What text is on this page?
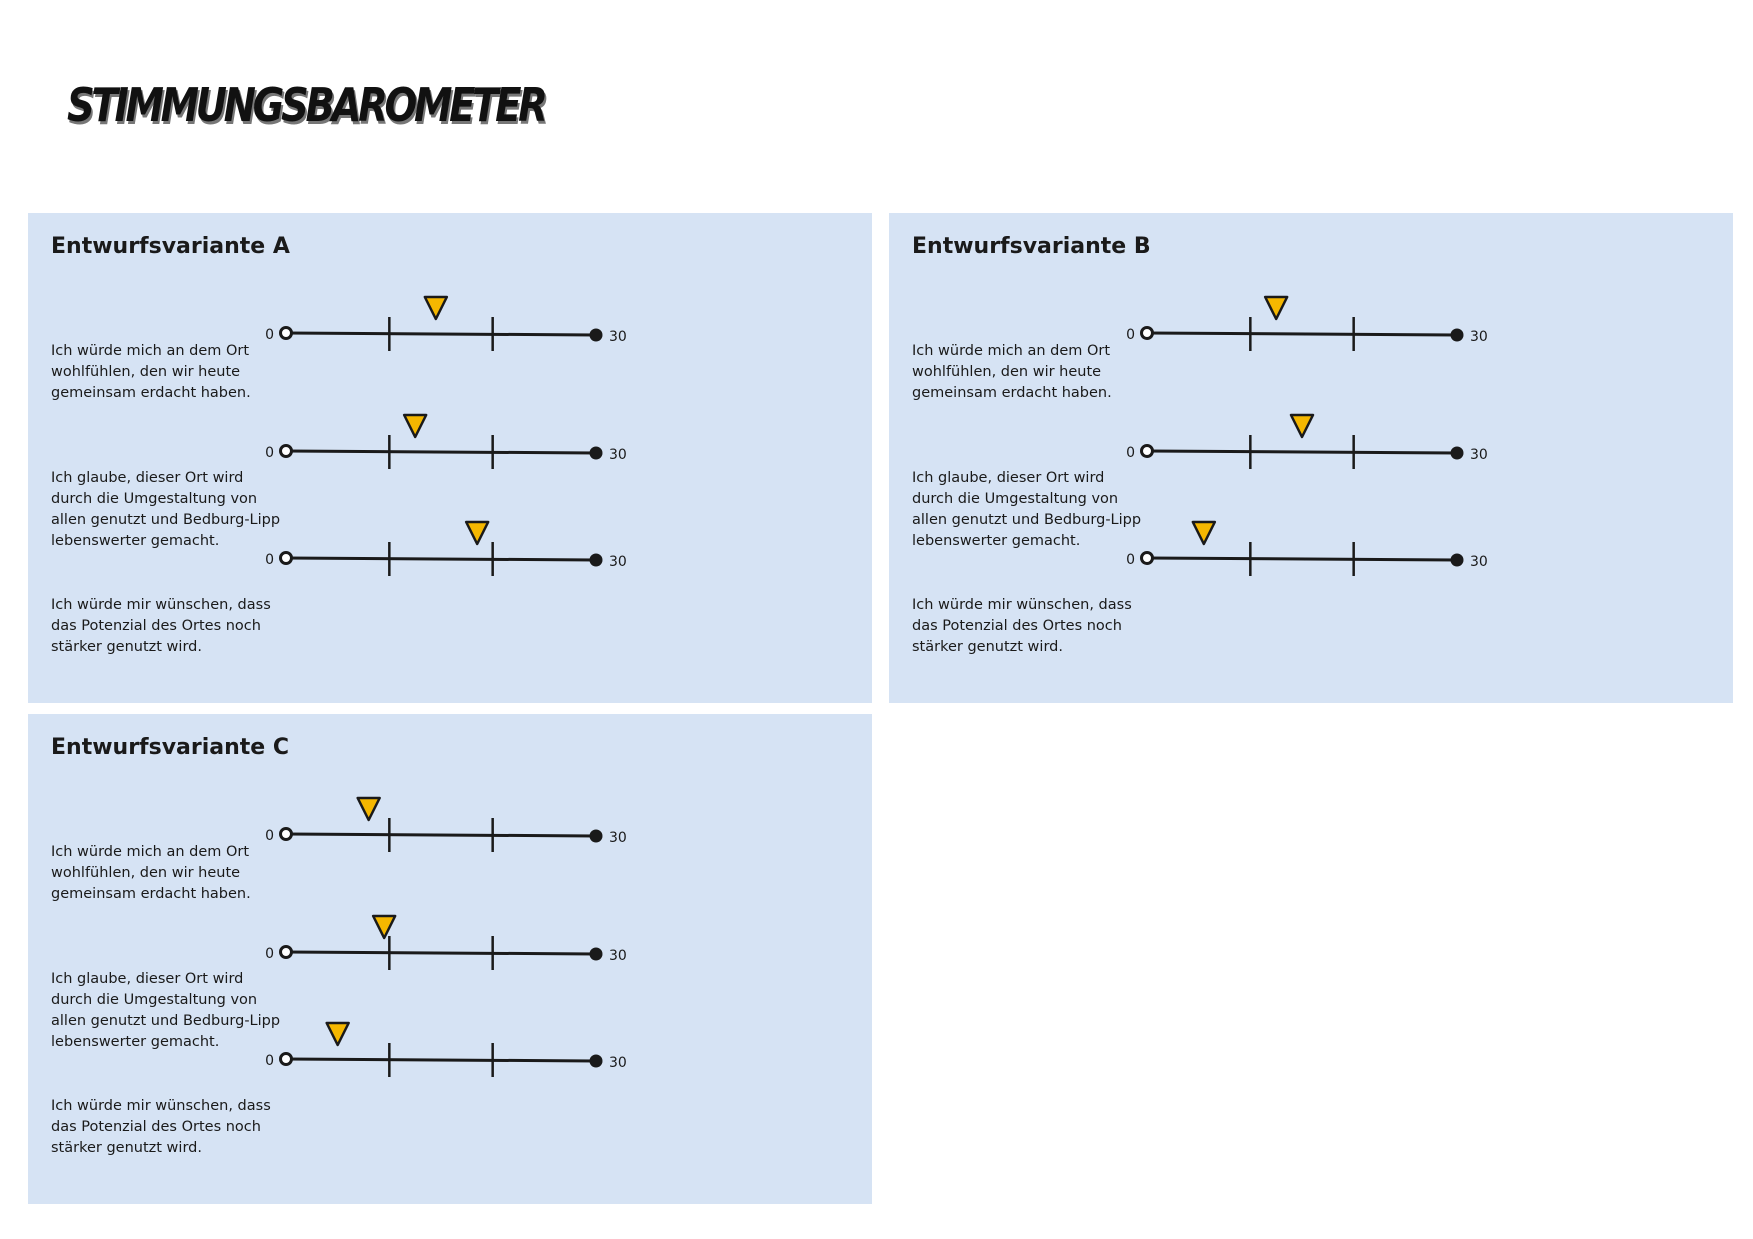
STIMMUNGSBAROMETER
Entwurfsvariante A
Ich würde mich an dem Ort wohlfühlen, den wir heute gemeinsam erdacht haben.
Ich glaube, dieser Ort wird durch die Umgestaltung von allen genutzt und Bedburg-Lipp lebenswerter gemacht.
Ich würde mir wünschen, dass das Potenzial des Ortes noch stärker genutzt wird.
0	30
0	30
0	30
Entwurfsvariante B
Ich würde mich an dem Ort wohlfühlen, den wir heute gemeinsam erdacht haben.
Ich glaube, dieser Ort wird durch die Umgestaltung von allen genutzt und Bedburg-Lipp lebenswerter gemacht.
Ich würde mir wünschen, dass das Potenzial des Ortes noch stärker genutzt wird.
0	30
0	30
0	30
Entwurfsvariante C
Ich würde mich an dem Ort wohlfühlen, den wir heute gemeinsam erdacht haben.
Ich glaube, dieser Ort wird durch die Umgestaltung von allen genutzt und Bedburg-Lipp lebenswerter gemacht.
Ich würde mir wünschen, dass das Potenzial des Ortes noch stärker genutzt wird.
0	30
0	30
0	30
